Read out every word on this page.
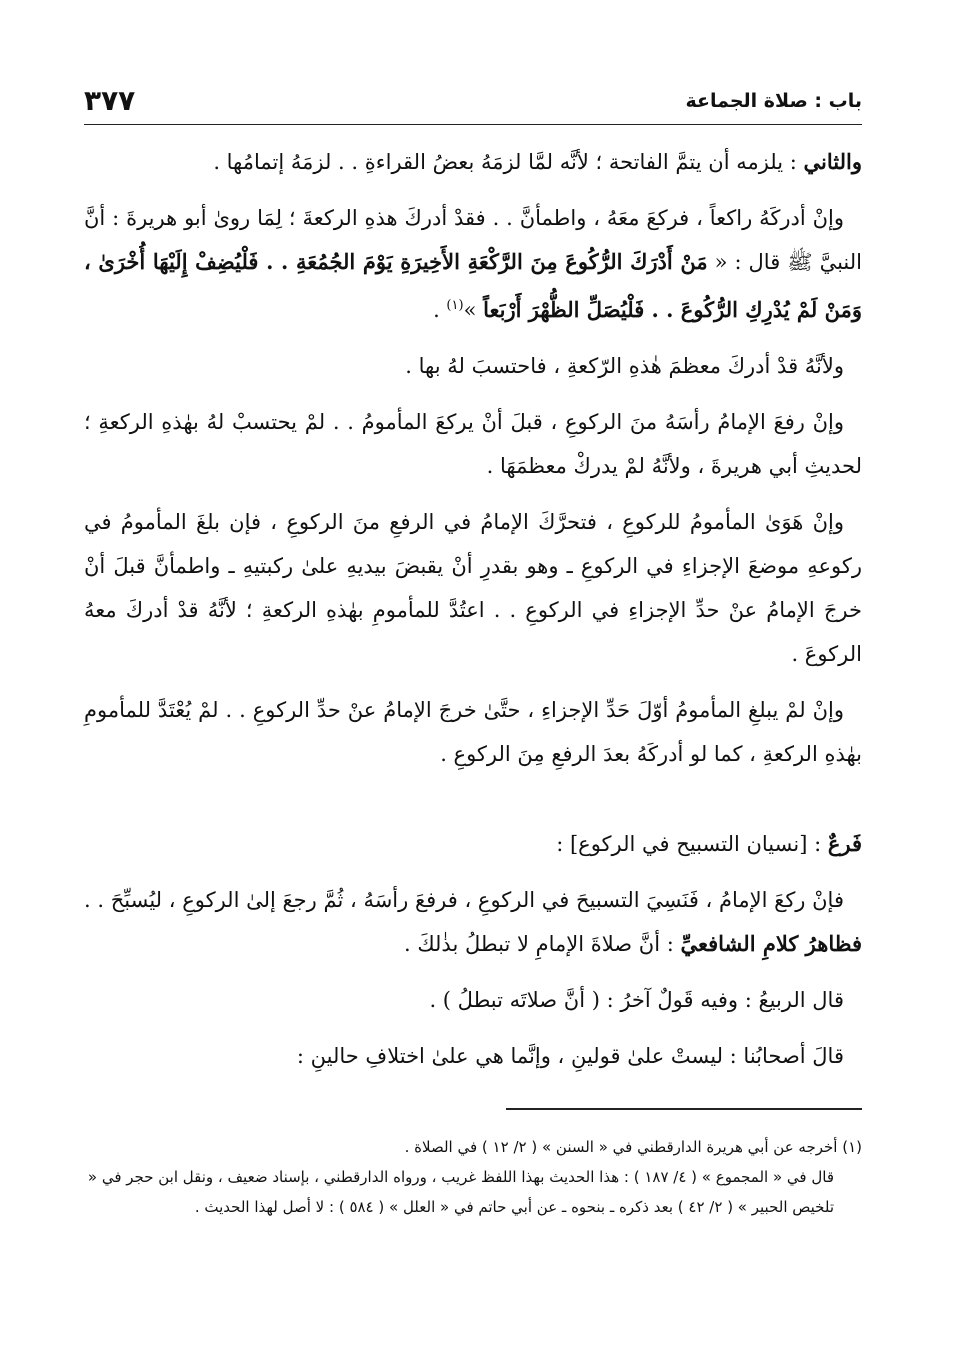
باب : صلاة الجماعة
٣٧٧

والثاني : يلزمه أن يتمَّ الفاتحة ؛ لأنَّه لمَّا لزمَهُ بعضُ القراءةِ . . لزمَهُ إتمامُها .

وإنْ أدركَهُ راكعاً ، فركعَ معَهُ ، واطمأنَّ . . فقدْ أدركَ هذهِ الركعةَ ؛ لِمَا روىٰ أبو هريرةَ : أنَّ النبيَّ ﷺ قال : « مَنْ أَدْرَكَ الرُّكُوعَ مِنَ الرَّكْعَةِ الأَخِيرَةِ يَوْمَ الجُمُعَةِ . . فَلْيُضِفْ إِلَيْهَا أُخْرَىٰ ، وَمَنْ لَمْ يُدْرِكِ الرُّكُوعَ . . فَلْيُصَلِّ الظُّهْرَ أَرْبَعاً »$^{(١)}$ .

ولأنَّهُ قدْ أدركَ معظمَ هٰذهِ الرّكعةِ ، فاحتسبَ لهُ بها .

وإنْ رفعَ الإمامُ رأسَهُ منَ الركوعِ ، قبلَ أنْ يركعَ المأمومُ . . لمْ يحتسبْ لهُ بهٰذهِ الركعةِ ؛ لحديثِ أبي هريرةَ ، ولأنَّهُ لمْ يدركْ معظمَهَا .

وإنْ هَوَىٰ المأمومُ للركوعِ ، فتحرَّكَ الإمامُ في الرفعِ منَ الركوعِ ، فإن بلغَ المأمومُ في ركوعهِ موضعَ الإجزاءِ في الركوعِ ـ وهو بقدرِ أنْ يقبضَ بيديهِ علىٰ ركبتيهِ ـ واطمأنَّ قبلَ أنْ خرجَ الإمامُ عنْ حدِّ الإجزاءِ في الركوعِ . . اعتُدَّ للمأمومِ بهٰذهِ الركعةِ ؛ لأنَّهُ قدْ أدركَ معهُ الركوعَ .

وإنْ لمْ يبلغِ المأمومُ أوّلَ حَدِّ الإجزاءِ ، حتَّىٰ خرجَ الإمامُ عنْ حدِّ الركوعِ . . لمْ يُعْتَدَّ للمأمومِ بهٰذهِ الركعةِ ، كما لو أدركَهُ بعدَ الرفعِ مِنَ الركوعِ .

فَرعٌ : [نسيان التسبيح في الركوع] :

فإنْ ركعَ الإمامُ ، فَنَسِيَ التسبيحَ في الركوعِ ، فرفعَ رأسَهُ ، ثُمَّ رجعَ إلىٰ الركوعِ ، ليُسبِّحَ . . فظاهرُ كلامِ الشافعيِّ : أنَّ صلاةَ الإمامِ لا تبطلُ بذٰلكَ .

قال الربيعُ : وفيه قَولٌ آخرُ : ( أنَّ صلاتَه تبطلُ ) .

قالَ أصحابُنا : ليستْ علىٰ قولينِ ، وإنَّما هي علىٰ اختلافِ حالينِ :

(١) أخرجه عن أبي هريرة الدارقطني في « السنن » ( ٢/ ١٢ ) في الصلاة .

قال في « المجموع » ( ٤/ ١٨٧ ) : هذا الحديث بهذا اللفظ غريب ، ورواه الدارقطني ، بإسناد ضعيف ، ونقل ابن حجر في « تلخيص الحبير » ( ٢/ ٤٢ ) بعد ذكره ـ بنحوه ـ عن أبي حاتم في « العلل » ( ٥٨٤ ) : لا أصل لهذا الحديث .
